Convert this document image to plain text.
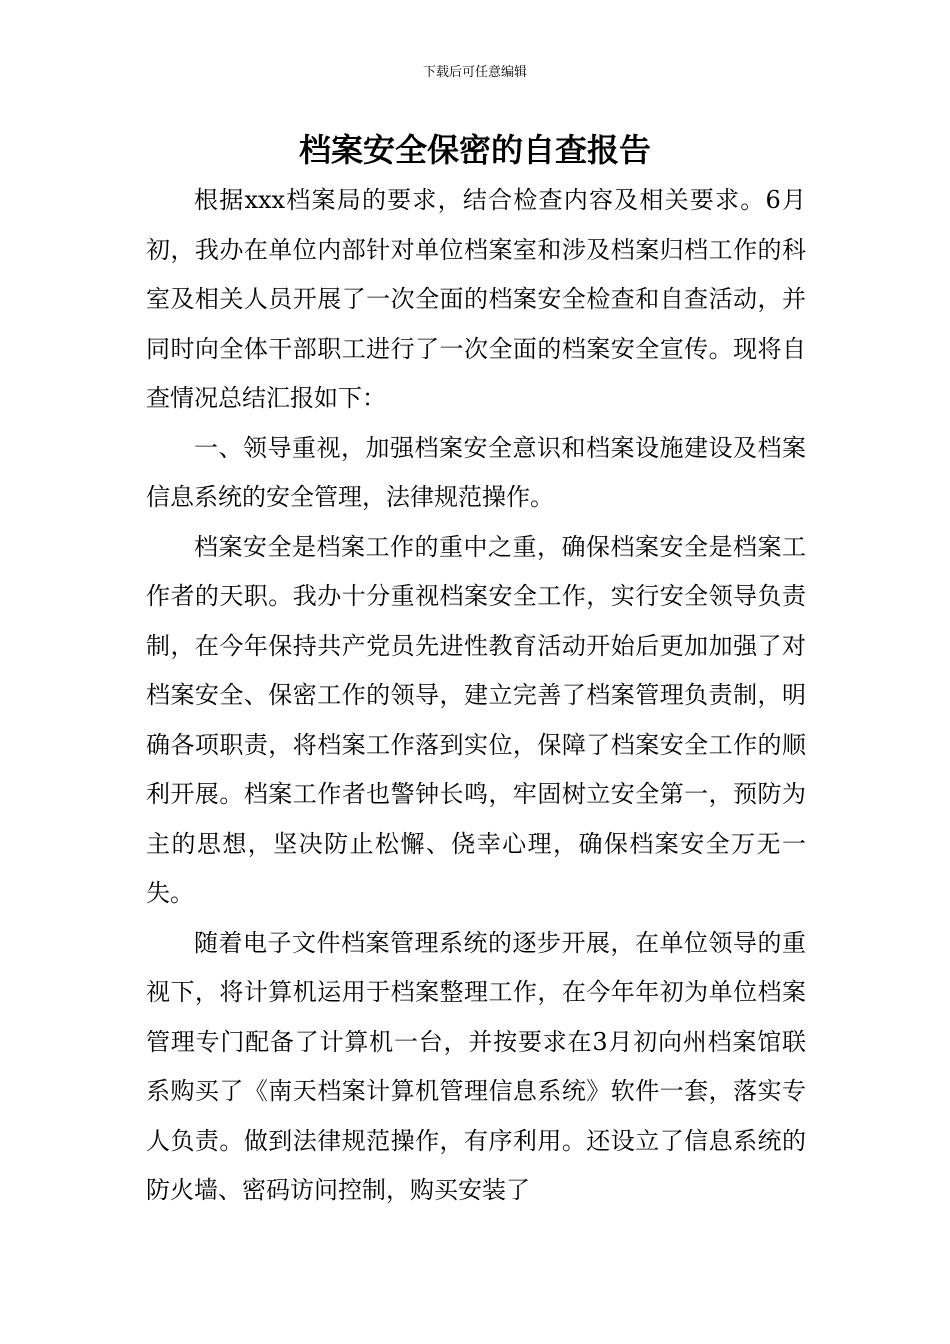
下载后可任意编辑
档案安全保密的自查报告

根据xxx档案局的要求，结合检查内容及相关要求。6月初，我办在单位内部针对单位档案室和涉及档案归档工作的科室及相关人员开展了一次全面的档案安全检查和自查活动，并同时向全体干部职工进行了一次全面的档案安全宣传。现将自查情况总结汇报如下：

一、领导重视，加强档案安全意识和档案设施建设及档案信息系统的安全管理，法律规范操作。

档案安全是档案工作的重中之重，确保档案安全是档案工作者的天职。我办十分重视档案安全工作，实行安全领导负责制，在今年保持共产党员先进性教育活动开始后更加加强了对档案安全、保密工作的领导，建立完善了档案管理负责制，明确各项职责，将档案工作落到实位，保障了档案安全工作的顺利开展。档案工作者也警钟长鸣，牢固树立安全第一，预防为主的思想，坚决防止松懈、侥幸心理，确保档案安全万无一失。

随着电子文件档案管理系统的逐步开展，在单位领导的重视下，将计算机运用于档案整理工作，在今年年初为单位档案管理专门配备了计算机一台，并按要求在3月初向州档案馆联系购买了《南天档案计算机管理信息系统》软件一套，落实专人负责。做到法律规范操作，有序利用。还设立了信息系统的防火墙、密码访问控制，购买安装了
